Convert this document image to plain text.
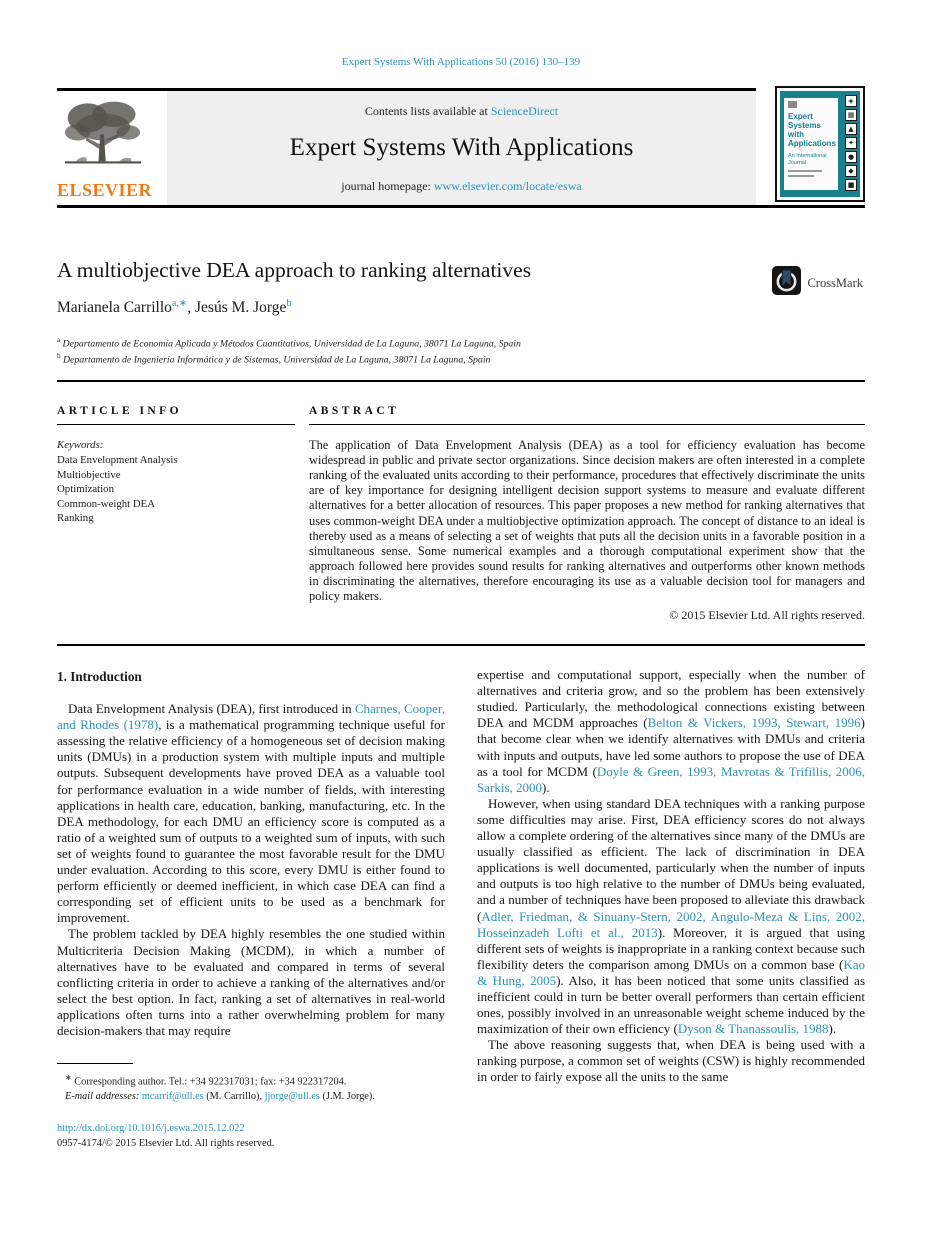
Expert Systems With Applications 50 (2016) 130–139
ELSEVIER
Contents lists available at ScienceDirect
Expert Systems With Applications
journal homepage: www.elsevier.com/locate/eswa
Expert Systems with Applications
An International Journal
◈
▦
▲
✦
●
◆
■
A multiobjective DEA approach to ranking alternatives
CrossMark
Marianela Carrillo$^{a,∗}$, Jesús M. Jorge$^b$
$^a$ Departamento de Economía Aplicada y Métodos Cuantitativos, Universidad de La Laguna, 38071 La Laguna, Spain
$^b$ Departamento de Ingeniería Informática y de Sistemas, Universidad de La Laguna, 38071 La Laguna, Spain
ARTICLE INFO
Keywords:
Data Envelopment Analysis
Multiobjective
Optimization
Common-weight DEA
Ranking
ABSTRACT
The application of Data Envelopment Analysis (DEA) as a tool for efficiency evaluation has become widespread in public and private sector organizations. Since decision makers are often interested in a complete ranking of the evaluated units according to their performance, procedures that effectively discriminate the units are of key importance for designing intelligent decision support systems to measure and evaluate different alternatives for a better allocation of resources. This paper proposes a new method for ranking alternatives that uses common-weight DEA under a multiobjective optimization approach. The concept of distance to an ideal is thereby used as a means of selecting a set of weights that puts all the decision units in a favorable position in a simultaneous sense. Some numerical examples and a thorough computational experiment show that the approach followed here provides sound results for ranking alternatives and outperforms other known methods in discriminating the alternatives, therefore encouraging its use as a valuable decision tool for managers and policy makers.
© 2015 Elsevier Ltd. All rights reserved.
1. Introduction

Data Envelopment Analysis (DEA), first introduced in Charnes, Cooper, and Rhodes (1978), is a mathematical programming technique useful for assessing the relative efficiency of a homogeneous set of decision making units (DMUs) in a production system with multiple inputs and multiple outputs. Subsequent developments have proved DEA as a valuable tool for performance evaluation in a wide number of fields, with interesting applications in health care, education, banking, manufacturing, etc. In the DEA methodology, for each DMU an efficiency score is computed as a ratio of a weighted sum of outputs to a weighted sum of inputs, with such set of weights found to guarantee the most favorable result for the DMU under evaluation. According to this score, every DMU is either found to perform efficiently or deemed inefficient, in which case DEA can find a corresponding set of efficient units to be used as a benchmark for improvement.

The problem tackled by DEA highly resembles the one studied within Multicriteria Decision Making (MCDM), in which a number of alternatives have to be evaluated and compared in terms of several conflicting criteria in order to achieve a ranking of the alternatives and/or select the best option. In fact, ranking a set of alternatives in real-world applications often turns into a rather overwhelming problem for many decision-makers that may require

∗ Corresponding author. Tel.: +34 922317031; fax: +34 922317204.
E-mail addresses: mcarrif@ull.es (M. Carrillo), jjorge@ull.es (J.M. Jorge).
http://dx.doi.org/10.1016/j.eswa.2015.12.022
0957-4174/© 2015 Elsevier Ltd. All rights reserved.

expertise and computational support, especially when the number of alternatives and criteria grow, and so the problem has been extensively studied. Particularly, the methodological connections existing between DEA and MCDM approaches (Belton & Vickers, 1993, Stewart, 1996) that become clear when we identify alternatives with DMUs and criteria with inputs and outputs, have led some authors to propose the use of DEA as a tool for MCDM (Doyle & Green, 1993, Mavrotas & Trifillis, 2006, Sarkis, 2000).

However, when using standard DEA techniques with a ranking purpose some difficulties may arise. First, DEA efficiency scores do not always allow a complete ordering of the alternatives since many of the DMUs are usually classified as efficient. The lack of discrimination in DEA applications is well documented, particularly when the number of inputs and outputs is too high relative to the number of DMUs being evaluated, and a number of techniques have been proposed to alleviate this drawback (Adler, Friedman, & Sinuany-Stern, 2002, Angulo-Meza & Lins, 2002, Hosseinzadeh Lofti et al., 2013). Moreover, it is argued that using different sets of weights is inappropriate in a ranking context because such flexibility deters the comparison among DMUs on a common base (Kao & Hung, 2005). Also, it has been noticed that some units classified as inefficient could in turn be better overall performers than certain efficient ones, possibly involved in an unreasonable weight scheme induced by the maximization of their own efficiency (Dyson & Thanassoulis, 1988).

The above reasoning suggests that, when DEA is being used with a ranking purpose, a common set of weights (CSW) is highly recommended in order to fairly expose all the units to the same
